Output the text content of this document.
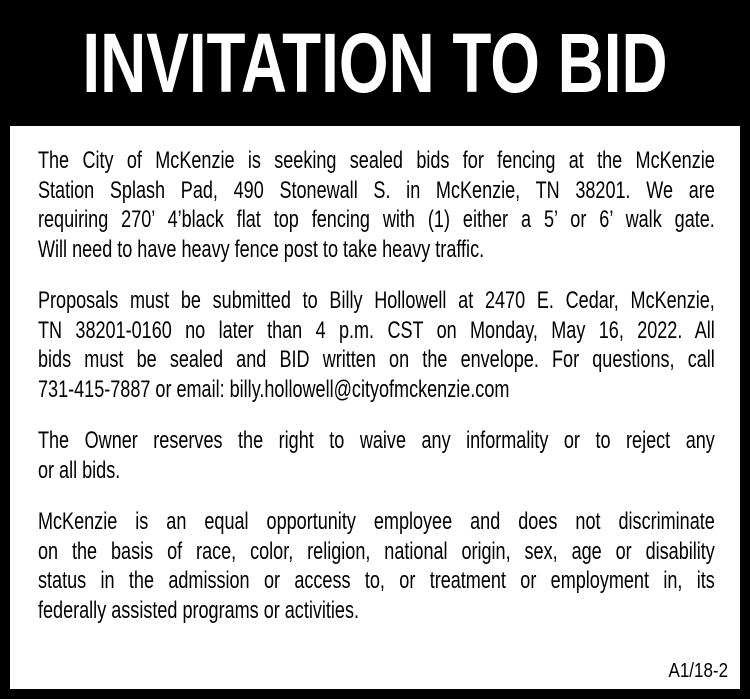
INVITATION TO BID

The City of McKenzie is seeking sealed bids for fencing at the McKenzie
Station Splash Pad, 490 Stonewall S. in McKenzie, TN 38201. We are
requiring 270’ 4’black flat top fencing with (1) either a 5’ or 6’ walk gate.
Will need to have heavy fence post to take heavy traffic.

Proposals must be submitted to Billy Hollowell at 2470 E. Cedar, McKenzie,
TN 38201-0160 no later than 4 p.m. CST on Monday, May 16, 2022. All
bids must be sealed and BID written on the envelope. For questions, call
731-415-7887 or email: billy.hollowell@cityofmckenzie.com

The Owner reserves the right to waive any informality or to reject any
or all bids.

McKenzie is an equal opportunity employee and does not discriminate
on the basis of race, color, religion, national origin, sex, age or disability
status in the admission or access to, or treatment or employment in, its
federally assisted programs or activities.

A1/18-2
